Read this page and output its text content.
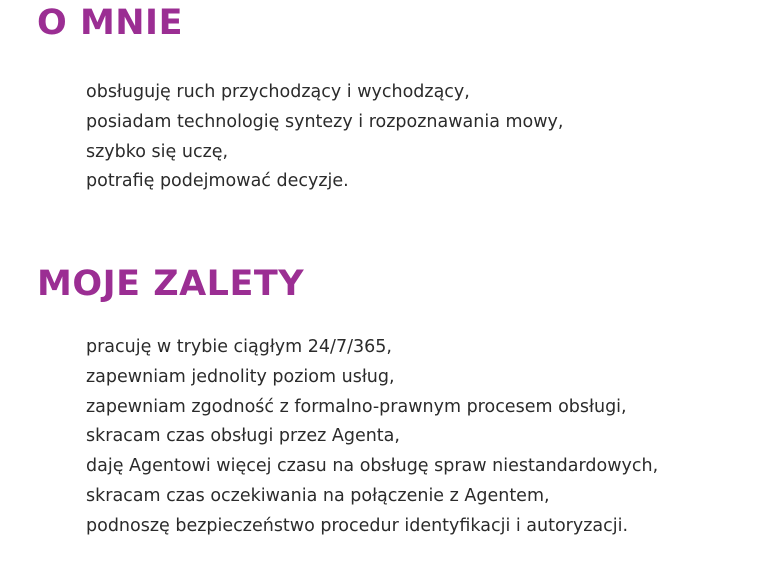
O MNIE
obsługuję ruch przychodzący i wychodzący,
posiadam technologię syntezy i rozpoznawania mowy,
szybko się uczę,
potrafię podejmować decyzje.
MOJE ZALETY
pracuję w trybie ciągłym 24/7/365,
zapewniam jednolity poziom usług,
zapewniam zgodność z formalno-prawnym procesem obsługi,
skracam czas obsługi przez Agenta,
daję Agentowi więcej czasu na obsługę spraw niestandardowych,
skracam czas oczekiwania na połączenie z Agentem,
podnoszę bezpieczeństwo procedur identyfikacji i autoryzacji.
